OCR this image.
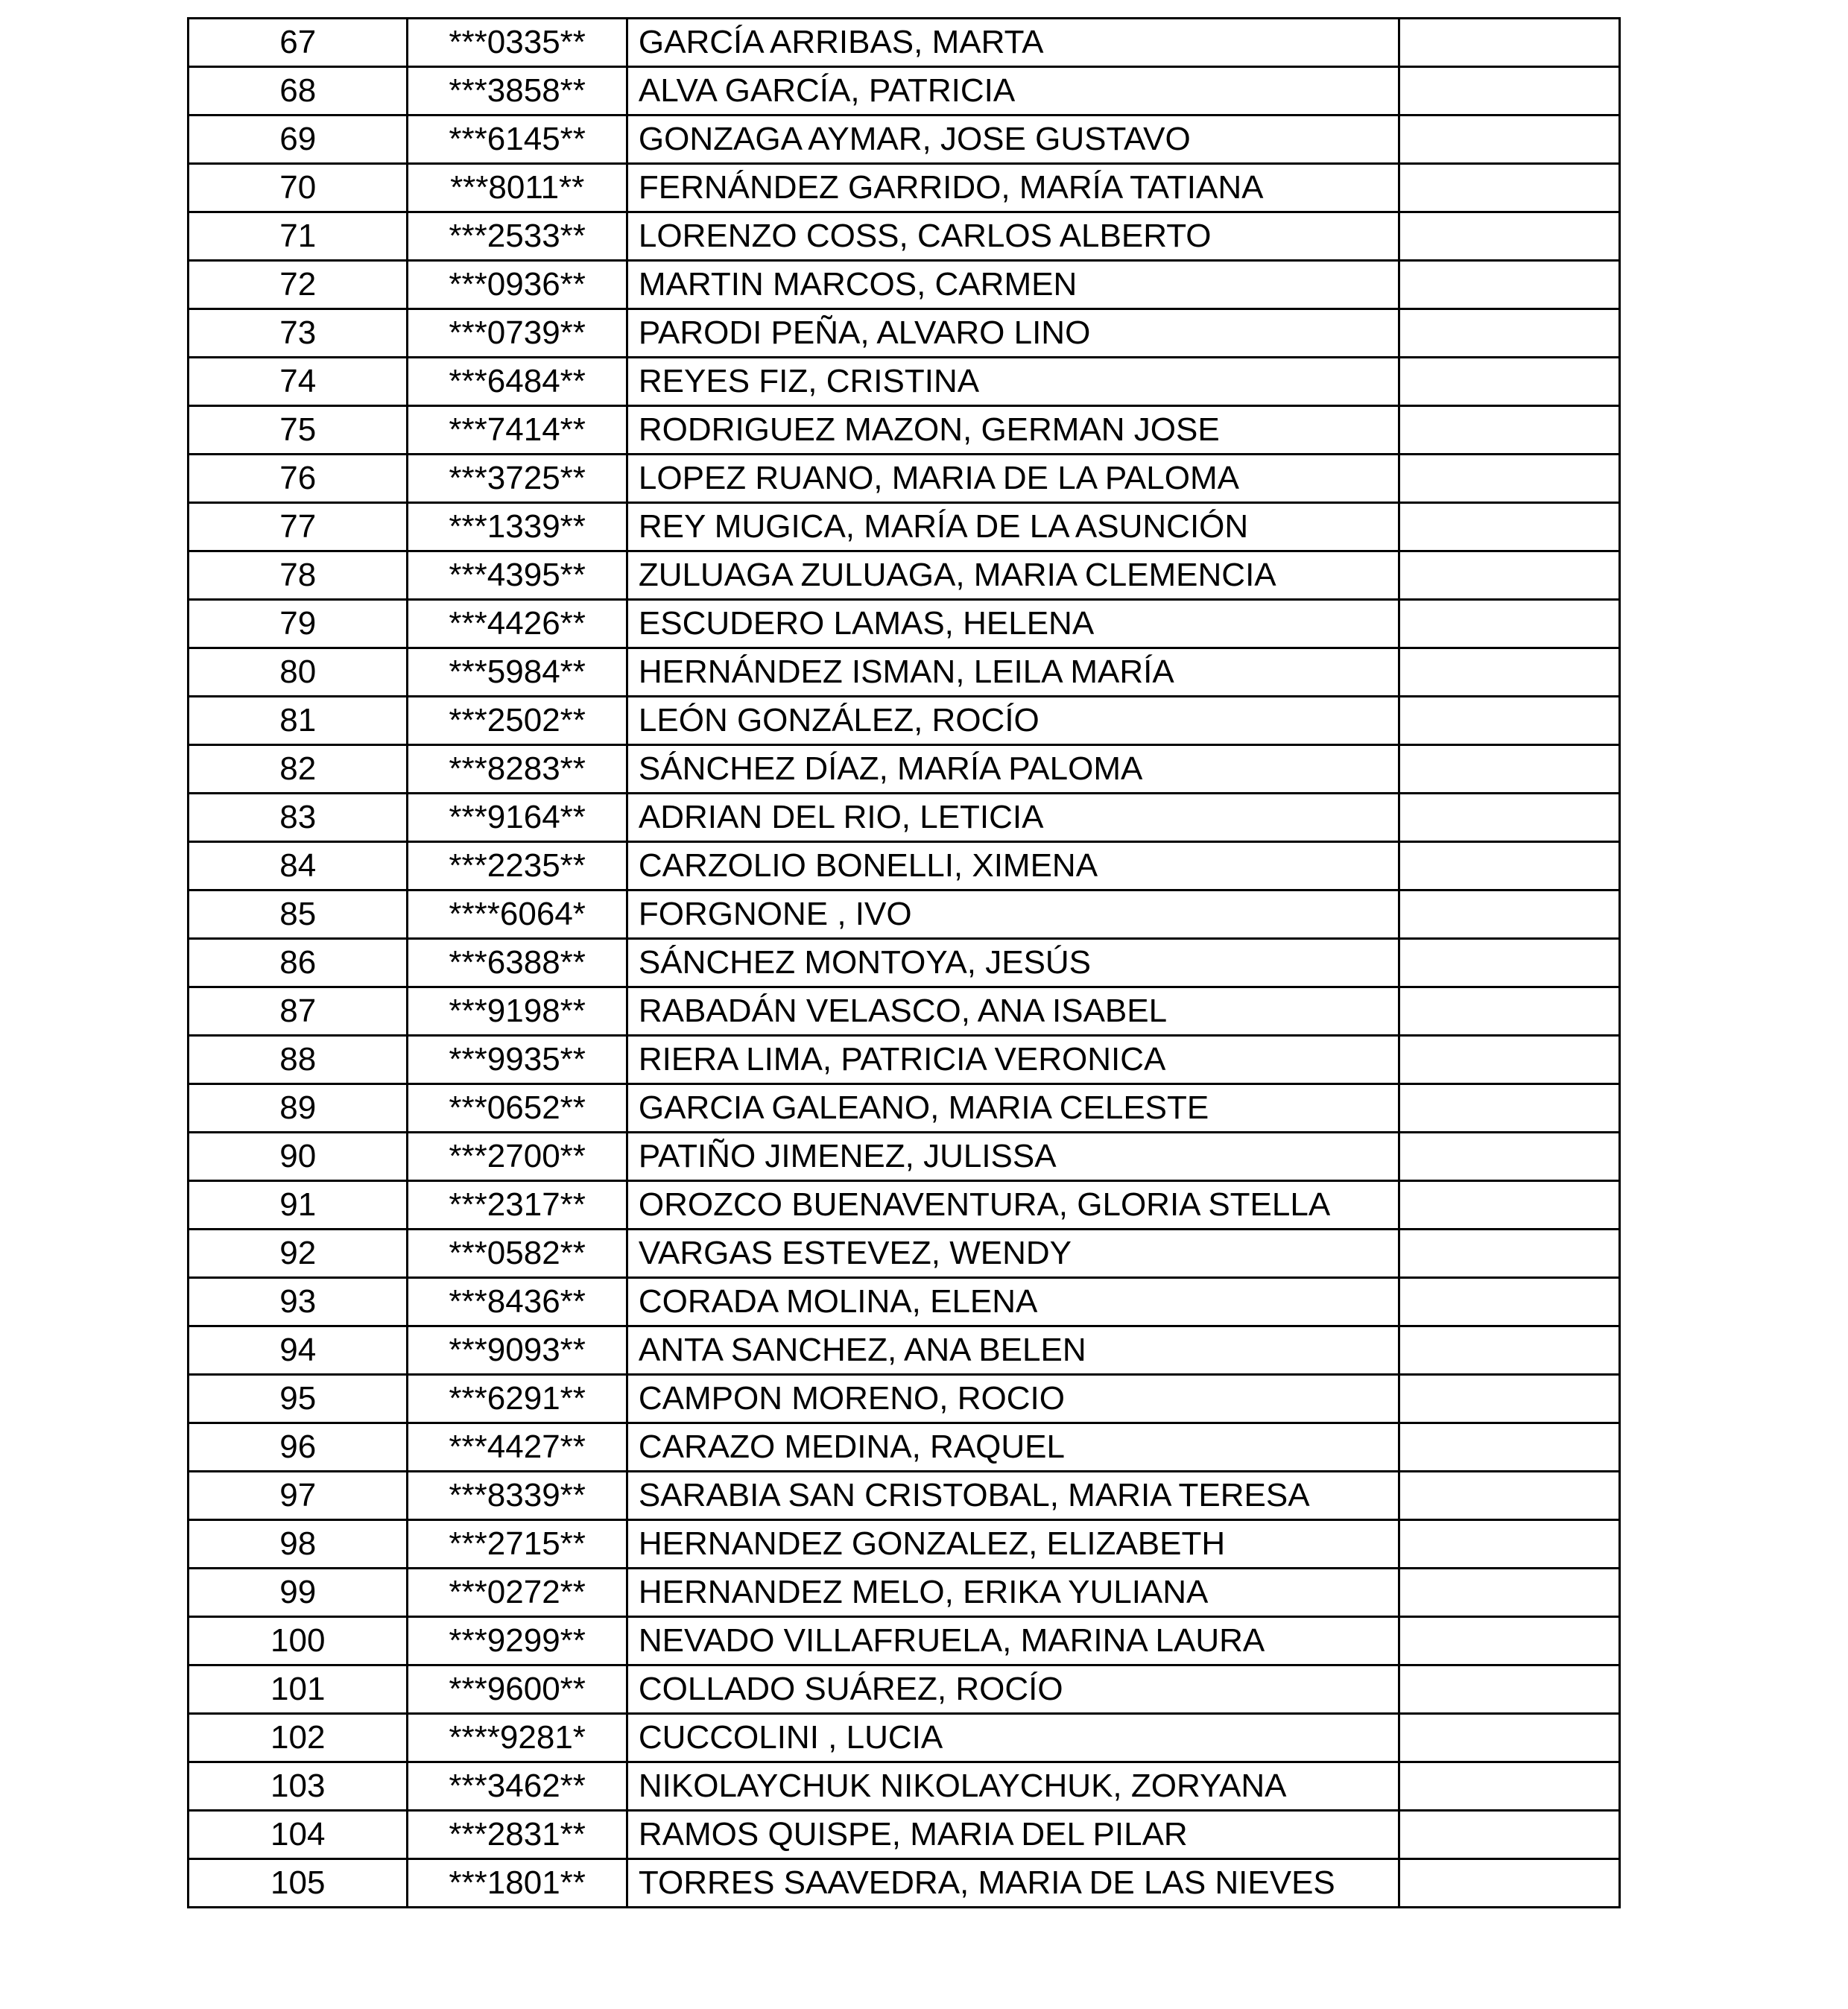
67	***0335**	GARCÍA ARRIBAS, MARTA	
68	***3858**	ALVA GARCÍA, PATRICIA	
69	***6145**	GONZAGA AYMAR, JOSE GUSTAVO	
70	***8011**	FERNÁNDEZ GARRIDO, MARÍA TATIANA	
71	***2533**	LORENZO COSS, CARLOS ALBERTO	
72	***0936**	MARTIN MARCOS, CARMEN	
73	***0739**	PARODI PEÑA, ALVARO LINO	
74	***6484**	REYES FIZ, CRISTINA	
75	***7414**	RODRIGUEZ MAZON, GERMAN JOSE	
76	***3725**	LOPEZ RUANO, MARIA DE LA PALOMA	
77	***1339**	REY MUGICA, MARÍA DE LA ASUNCIÓN	
78	***4395**	ZULUAGA ZULUAGA, MARIA CLEMENCIA	
79	***4426**	ESCUDERO LAMAS, HELENA	
80	***5984**	HERNÁNDEZ ISMAN, LEILA MARÍA	
81	***2502**	LEÓN GONZÁLEZ, ROCÍO	
82	***8283**	SÁNCHEZ DÍAZ, MARÍA PALOMA	
83	***9164**	ADRIAN DEL RIO, LETICIA	
84	***2235**	CARZOLIO BONELLI, XIMENA	
85	****6064*	FORGNONE , IVO	
86	***6388**	SÁNCHEZ MONTOYA, JESÚS	
87	***9198**	RABADÁN VELASCO, ANA ISABEL	
88	***9935**	RIERA LIMA, PATRICIA VERONICA	
89	***0652**	GARCIA GALEANO, MARIA CELESTE	
90	***2700**	PATIÑO JIMENEZ, JULISSA	
91	***2317**	OROZCO BUENAVENTURA, GLORIA STELLA	
92	***0582**	VARGAS ESTEVEZ, WENDY	
93	***8436**	CORADA MOLINA, ELENA	
94	***9093**	ANTA SANCHEZ, ANA BELEN	
95	***6291**	CAMPON MORENO, ROCIO	
96	***4427**	CARAZO MEDINA, RAQUEL	
97	***8339**	SARABIA SAN CRISTOBAL, MARIA TERESA	
98	***2715**	HERNANDEZ GONZALEZ, ELIZABETH	
99	***0272**	HERNANDEZ MELO, ERIKA YULIANA	
100	***9299**	NEVADO VILLAFRUELA, MARINA LAURA	
101	***9600**	COLLADO SUÁREZ, ROCÍO	
102	****9281*	CUCCOLINI , LUCIA	
103	***3462**	NIKOLAYCHUK NIKOLAYCHUK, ZORYANA	
104	***2831**	RAMOS QUISPE, MARIA DEL PILAR	
105	***1801**	TORRES SAAVEDRA, MARIA DE LAS NIEVES	
